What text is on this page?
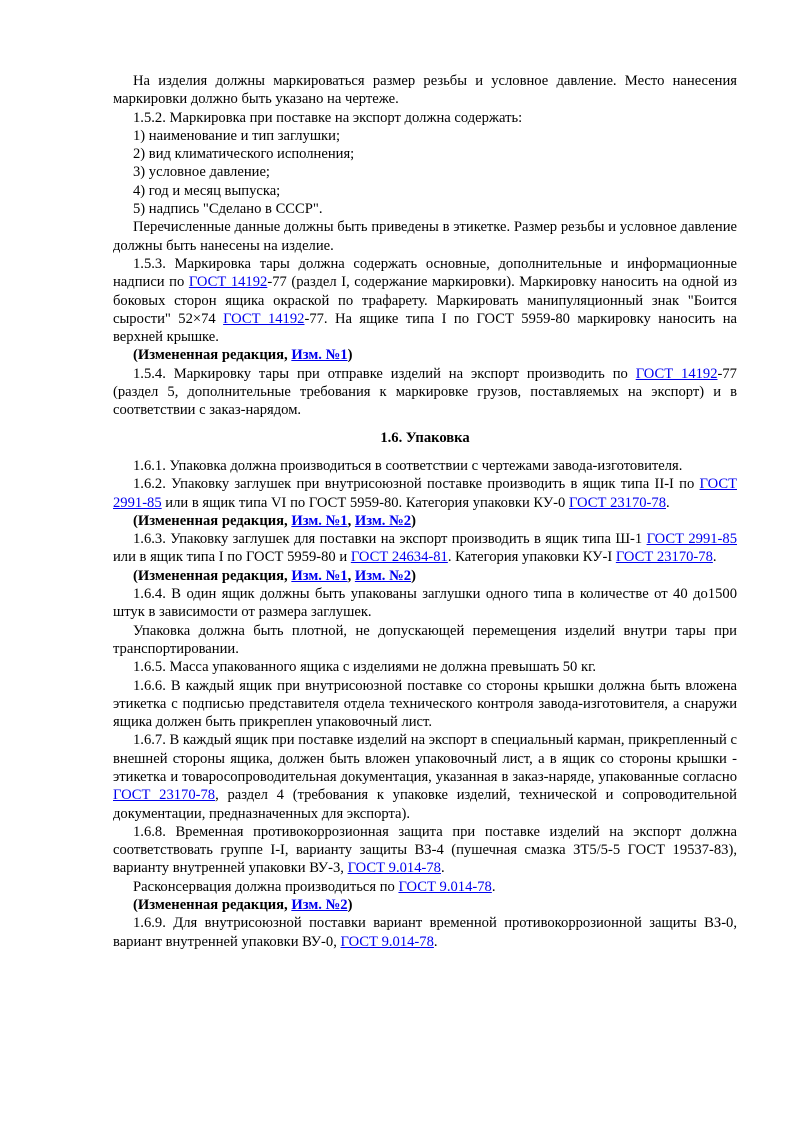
На изделия должны маркироваться размер резьбы и условное давление. Место нанесения маркировки должно быть указано на чертеже.

1.5.2. Маркировка при поставке на экспорт должна содержать:

1) наименование и тип заглушки;

2) вид климатического исполнения;

3) условное давление;

4) год и месяц выпуска;

5) надпись "Сделано в СССР".

Перечисленные данные должны быть приведены в этикетке. Размер резьбы и условное давление должны быть нанесены на изделие.

1.5.3. Маркировка тары должна содержать основные, дополнительные и информационные надписи по ГОСТ 14192-77 (раздел I, содержание маркировки). Маркировку наносить на одной из боковых сторон ящика окраской по трафарету. Маркировать манипуляционный знак "Боится сырости" 52×74 ГОСТ 14192-77. На ящике типа I по ГОСТ 5959-80 маркировку наносить на верхней крышке.

(Измененная редакция, Изм. №1)

1.5.4. Маркировку тары при отправке изделий на экспорт производить по ГОСТ 14192-77 (раздел 5, дополнительные требования к маркировке грузов, поставляемых на экспорт) и в соответствии с заказ-нарядом.

1.6. Упаковка

1.6.1. Упаковка должна производиться в соответствии с чертежами завода-изготовителя.

1.6.2. Упаковку заглушек при внутрисоюзной поставке производить в ящик типа II-I по ГОСТ 2991-85 или в ящик типа VI по ГОСТ 5959-80. Категория упаковки КУ-0 ГОСТ 23170-78.

(Измененная редакция, Изм. №1, Изм. №2)

1.6.3. Упаковку заглушек для поставки на экспорт производить в ящик типа Ш-1 ГОСТ 2991-85 или в ящик типа I по ГОСТ 5959-80 и ГОСТ 24634-81. Категория упаковки КУ-I ГОСТ 23170-78.

(Измененная редакция, Изм. №1, Изм. №2)

1.6.4. В один ящик должны быть упакованы заглушки одного типа в количестве от 40 до1500 штук в зависимости от размера заглушек.

Упаковка должна быть плотной, не допускающей перемещения изделий внутри тары при транспортировании.

1.6.5. Масса упакованного ящика с изделиями не должна превышать 50 кг.

1.6.6. В каждый ящик при внутрисоюзной поставке со стороны крышки должна быть вложена этикетка с подписью представителя отдела технического контроля завода-изготовителя, а снаружи ящика должен быть прикреплен упаковочный лист.

1.6.7. В каждый ящик при поставке изделий на экспорт в специальный карман, прикрепленный с внешней стороны ящика, должен быть вложен упаковочный лист, а в ящик со стороны крышки - этикетка и товаросопроводительная документация, указанная в заказ-наряде, упакованные согласно ГОСТ 23170-78, раздел 4 (требования к упаковке изделий, технической и сопроводительной документации, предназначенных для экспорта).

1.6.8. Временная противокоррозионная защита при поставке изделий на экспорт должна соответствовать группе I-I, варианту защиты ВЗ-4 (пушечная смазка ЗТ5/5-5 ГОСТ 19537-83), варианту внутренней упаковки ВУ-3, ГОСТ 9.014-78.

Расконсервация должна производиться по ГОСТ 9.014-78.

(Измененная редакция, Изм. №2)

1.6.9. Для внутрисоюзной поставки вариант временной противокоррозионной защиты ВЗ-0, вариант внутренней упаковки ВУ-0, ГОСТ 9.014-78.
